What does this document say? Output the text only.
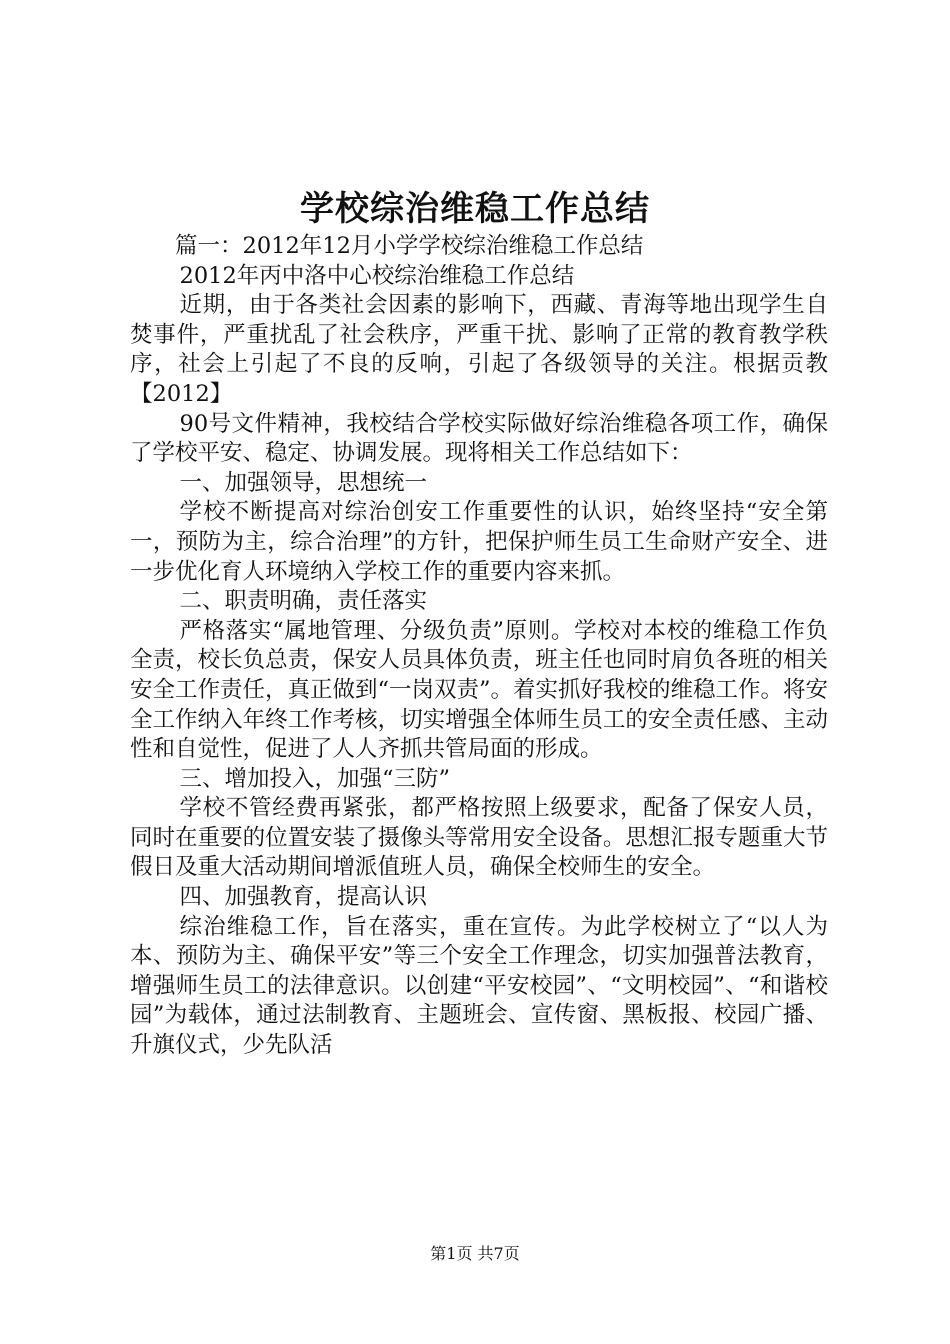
学校综治维稳工作总结

篇一：2012年12月小学学校综治维稳工作总结

2012年丙中洛中心校综治维稳工作总结

近期，由于各类社会因素的影响下，西藏、青海等地出现学生自焚事件，严重扰乱了社会秩序，严重干扰、影响了正常的教育教学秩序，社会上引起了不良的反响，引起了各级领导的关注。根据贡教【2012】

90号文件精神，我校结合学校实际做好综治维稳各项工作，确保了学校平安、稳定、协调发展。现将相关工作总结如下：

一、加强领导，思想统一

学校不断提高对综治创安工作重要性的认识，始终坚持“安全第一，预防为主，综合治理”的方针，把保护师生员工生命财产安全、进一步优化育人环境纳入学校工作的重要内容来抓。

二、职责明确，责任落实

严格落实“属地管理、分级负责”原则。学校对本校的维稳工作负全责，校长负总责，保安人员具体负责，班主任也同时肩负各班的相关安全工作责任，真正做到“一岗双责”。着实抓好我校的维稳工作。将安全工作纳入年终工作考核，切实增强全体师生员工的安全责任感、主动性和自觉性，促进了人人齐抓共管局面的形成。

三、增加投入，加强“三防”

学校不管经费再紧张，都严格按照上级要求，配备了保安人员，同时在重要的位置安装了摄像头等常用安全设备。思想汇报专题重大节假日及重大活动期间增派值班人员，确保全校师生的安全。

四、加强教育，提高认识

综治维稳工作，旨在落实，重在宣传。为此学校树立了“以人为本、预防为主、确保平安”等三个安全工作理念，切实加强普法教育，增强师生员工的法律意识。以创建“平安校园”、“文明校园”、“和谐校园”为载体，通过法制教育、主题班会、宣传窗、黑板报、校园广播、升旗仪式，少先队活

第1页 共7页
